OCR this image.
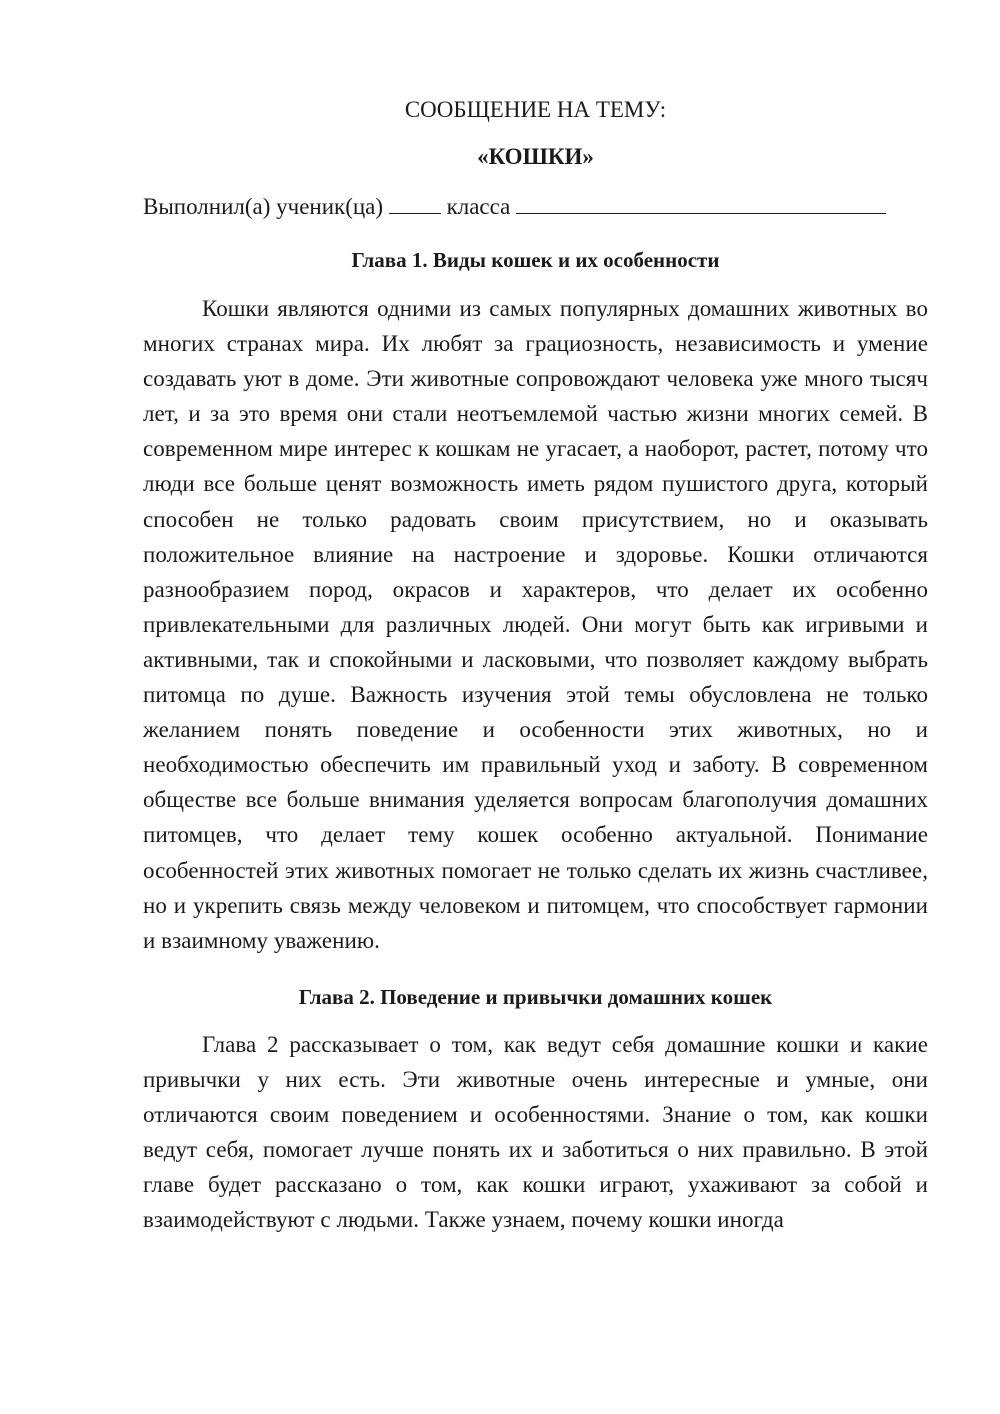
СООБЩЕНИЕ НА ТЕМУ:

«КОШКИ»

Выполнил(а) ученик(ца)	класса
Глава 1. Виды кошек и их особенности

Кошки являются одними из самых популярных домашних животных во многих странах мира. Их любят за грациозность, независимость и умение создавать уют в доме. Эти животные сопровождают человека уже много тысяч лет, и за это время они стали неотъемлемой частью жизни многих семей. В современном мире интерес к кошкам не угасает, а наоборот, растет, потому что люди все больше ценят возможность иметь рядом пушистого друга, который способен не только радовать своим присутствием, но и оказывать положительное влияние на настроение и здоровье. Кошки отличаются разнообразием пород, окрасов и характеров, что делает их особенно привлекательными для различных людей. Они могут быть как игривыми и активными, так и спокойными и ласковыми, что позволяет каждому выбрать питомца по душе. Важность изучения этой темы обусловлена не только желанием понять поведение и особенности этих животных, но и необходимостью обеспечить им правильный уход и заботу. В современном обществе все больше внимания уделяется вопросам благополучия домашних питомцев, что делает тему кошек особенно актуальной. Понимание особенностей этих животных помогает не только сделать их жизнь счастливее, но и укрепить связь между человеком и питомцем, что способствует гармонии и взаимному уважению.

Глава 2. Поведение и привычки домашних кошек

Глава 2 рассказывает о том, как ведут себя домашние кошки и какие привычки у них есть. Эти животные очень интересные и умные, они отличаются своим поведением и особенностями. Знание о том, как кошки ведут себя, помогает лучше понять их и заботиться о них правильно. В этой главе будет рассказано о том, как кошки играют, ухаживают за собой и взаимодействуют с людьми. Также узнаем, почему кошки иногда
